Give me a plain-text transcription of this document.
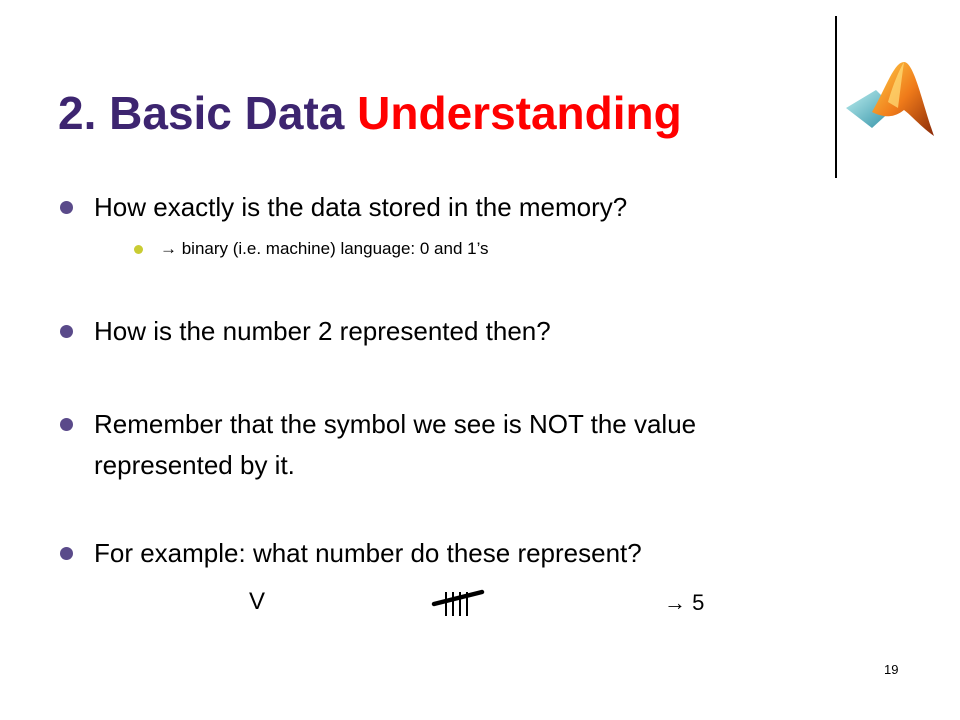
2. Basic Data Understanding
How exactly is the data stored in the memory?
→ binary (i.e. machine) language: 0 and 1’s
How is the number 2 represented then?
Remember that the symbol we see is NOT the value
represented by it.
For example: what number do these represent?
V	→ 5
19
